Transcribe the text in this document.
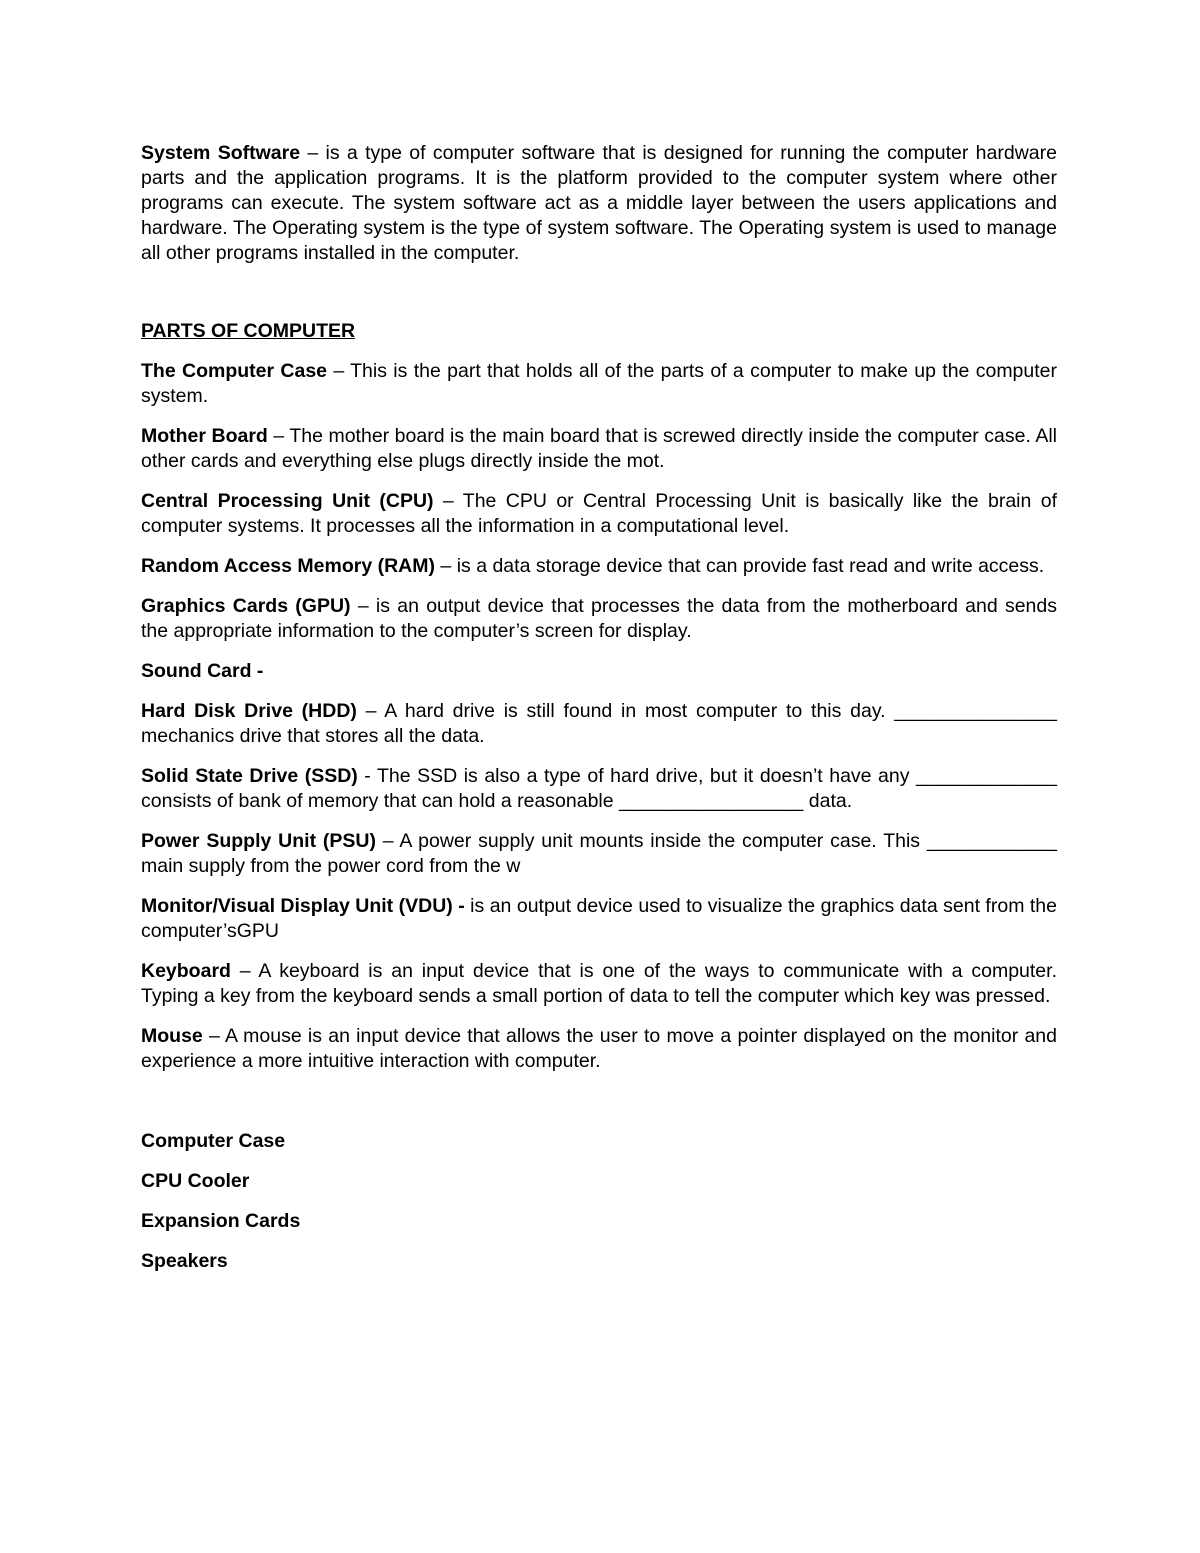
System Software – is a type of computer software that is designed for running the computer hardware parts and the application programs. It is the platform provided to the computer system where other programs can execute. The system software act as a middle layer between the users applications and hardware. The Operating system is the type of system software. The Operating system is used to manage all other programs installed in the computer.

PARTS OF COMPUTER

The Computer Case – This is the part that holds all of the parts of a computer to make up the computer system.

Mother Board – The mother board is the main board that is screwed directly inside the computer case. All other cards and everything else plugs directly inside the mot.

Central Processing Unit (CPU) – The CPU or Central Processing Unit is basically like the brain of computer systems. It processes all the information in a computational level.

Random Access Memory (RAM) – is a data storage device that can provide fast read and write access.

Graphics Cards (GPU) – is an output device that processes the data from the motherboard and sends the appropriate information to the computer’s screen for display.

Sound Card -

Hard Disk Drive (HDD) – A hard drive is still found in most computer to this day. _______________ mechanics drive that stores all the data.

Solid State Drive (SSD) - The SSD is also a type of hard drive, but it doesn’t have any _____________ consists of bank of memory that can hold a reasonable _________________ data.

Power Supply Unit (PSU) – A power supply unit mounts inside the computer case. This ____________ main supply from the power cord from the w

Monitor/Visual Display Unit (VDU) - is an output device used to visualize the graphics data sent from the computer’sGPU

Keyboard – A keyboard is an input device that is one of the ways to communicate with a computer. Typing a key from the keyboard sends a small portion of data to tell the computer which key was pressed.

Mouse – A mouse is an input device that allows the user to move a pointer displayed on the monitor and experience a more intuitive interaction with computer.

Computer Case

CPU Cooler

Expansion Cards

Speakers
